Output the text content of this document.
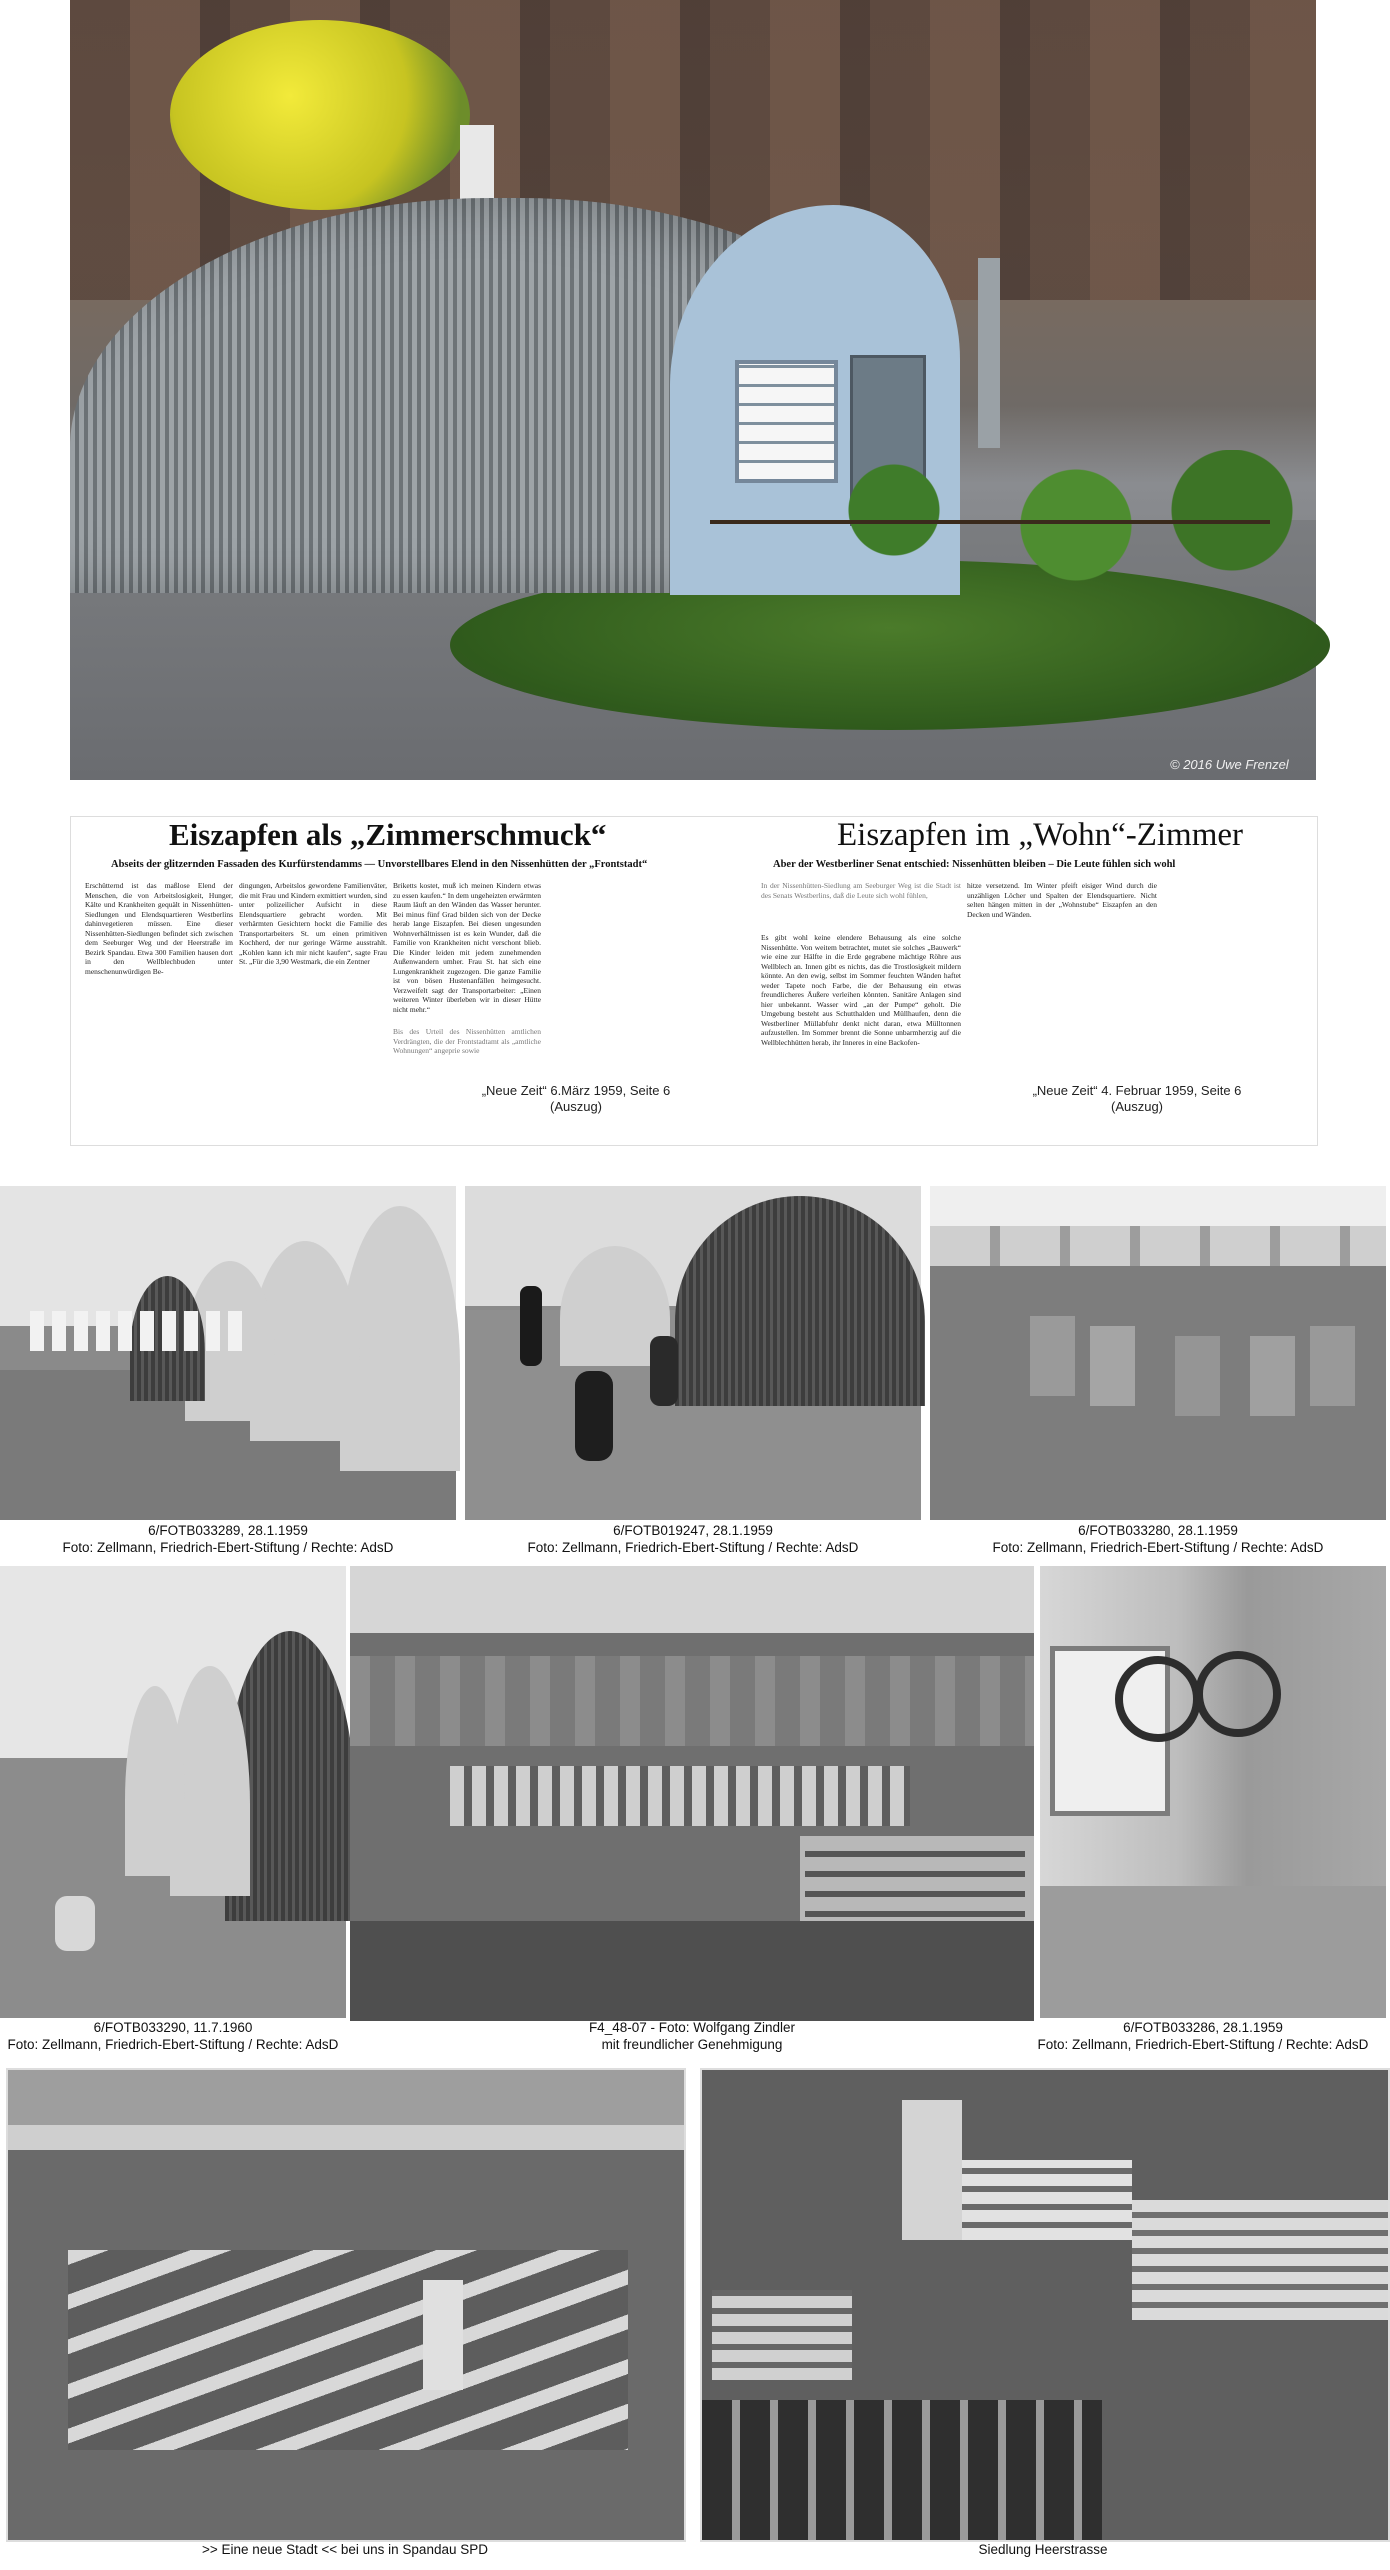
© 2016 Uwe Frenzel
Eiszapfen als „Zimmerschmuck“
Abseits der glitzernden Fassaden des Kurfürstendamms — Unvorstellbares Elend in den Nissenhütten der „Frontstadt“
Erschütternd ist das maßlose Elend der Menschen, die von Arbeitslosigkeit, Hunger, Kälte und Krankheiten gequält in Nissenhütten-Siedlungen und Elendsquartieren Westberlins dahinvegetieren müssen. Eine dieser Nissenhütten-Siedlungen befindet sich zwischen dem Seeburger Weg und der Heerstraße im Bezirk Spandau. Etwa 300 Familien hausen dort in den Wellblechbuden unter menschenunwürdigen Be-
dingungen, Arbeitslos gewordene Familienväter, die mit Frau und Kindern exmittiert wurden, sind unter polizeilicher Aufsicht in diese Elendsquartiere gebracht worden. Mit verhärmten Gesichtern hockt die Familie des Transportarbeiters St. um einen primitiven Kochherd, der nur geringe Wärme ausstrahlt. „Kohlen kann ich mir nicht kaufen“, sagte Frau St. „Für die 3,90 Westmark, die ein Zentner
Briketts kostet, muß ich meinen Kindern etwas zu essen kaufen.“ In dem ungeheizten erwärmten Raum läuft an den Wänden das Wasser herunter. Bei minus fünf Grad bilden sich von der Decke herab lange Eiszapfen. Bei diesen ungesunden Wohnverhältnissen ist es kein Wunder, daß die Familie von Krankheiten nicht verschont blieb. Die Kinder leiden mit jedem zunehmenden Außenwandern umher. Frau St. hat sich eine Lungenkrankheit zugezogen. Die ganze Familie ist von bösen Hustenanfällen heimgesucht. Verzweifelt sagt der Transportarbeiter: „Einen weiteren Winter überleben wir in dieser Hütte nicht mehr.“
Bis des Urteil des Nissenhütten amtlichen Verdrängten, die der Frontstadtamt als „amtliche Wohnungen“ angeprie sowie
„Neue Zeit“ 6.März 1959, Seite 6
(Auszug)
Eiszapfen im „Wohn“-Zimmer
Aber der Westberliner Senat entschied: Nissenhütten bleiben – Die Leute fühlen sich wohl
In der Nissenhütten-Siedlung am Seeburger Weg ist die Stadt ist des Senats Westberlins, daß die Leute sich wohl fühlen,
Es gibt wohl keine elendere Behausung als eine solche Nissenhütte. Von weitem betrachtet, mutet sie solches „Bauwerk“ wie eine zur Hälfte in die Erde gegrabene mächtige Röhre aus Wellblech an. Innen gibt es nichts, das die Trostlosigkeit mildern könnte. An den ewig, selbst im Sommer feuchten Wänden haftet weder Tapete noch Farbe, die der Behausung ein etwas freundlicheres Äußere verleihen könnten. Sanitäre Anlagen sind hier unbekannt. Wasser wird „an der Pumpe“ geholt. Die Umgebung besteht aus Schutthalden und Müllhaufen, denn die Westberliner Müllabfuhr denkt nicht daran, etwa Mülltonnen aufzustellen. Im Sommer brennt die Sonne unbarmherzig auf die Wellblechhütten herab, ihr Inneres in eine Backofen-
hitze versetzend. Im Winter pfeift eisiger Wind durch die unzähligen Löcher und Spalten der Elendsquartiere. Nicht selten hängen mitten in der „Wohnstube“ Eiszapfen an den Decken und Wänden.
„Neue Zeit“ 4. Februar 1959, Seite 6
(Auszug)
6/FOTB033289, 28.1.1959
Foto: Zellmann, Friedrich-Ebert-Stiftung / Rechte: AdsD
6/FOTB019247, 28.1.1959
Foto: Zellmann, Friedrich-Ebert-Stiftung / Rechte: AdsD
6/FOTB033280, 28.1.1959
Foto: Zellmann, Friedrich-Ebert-Stiftung / Rechte: AdsD
6/FOTB033290, 11.7.1960
Foto: Zellmann, Friedrich-Ebert-Stiftung / Rechte: AdsD
F4_48-07 - Foto: Wolfgang Zindler
mit freundlicher Genehmigung
6/FOTB033286, 28.1.1959
Foto: Zellmann, Friedrich-Ebert-Stiftung / Rechte: AdsD
>> Eine neue Stadt << bei uns in Spandau SPD	Siedlung Heerstrasse
